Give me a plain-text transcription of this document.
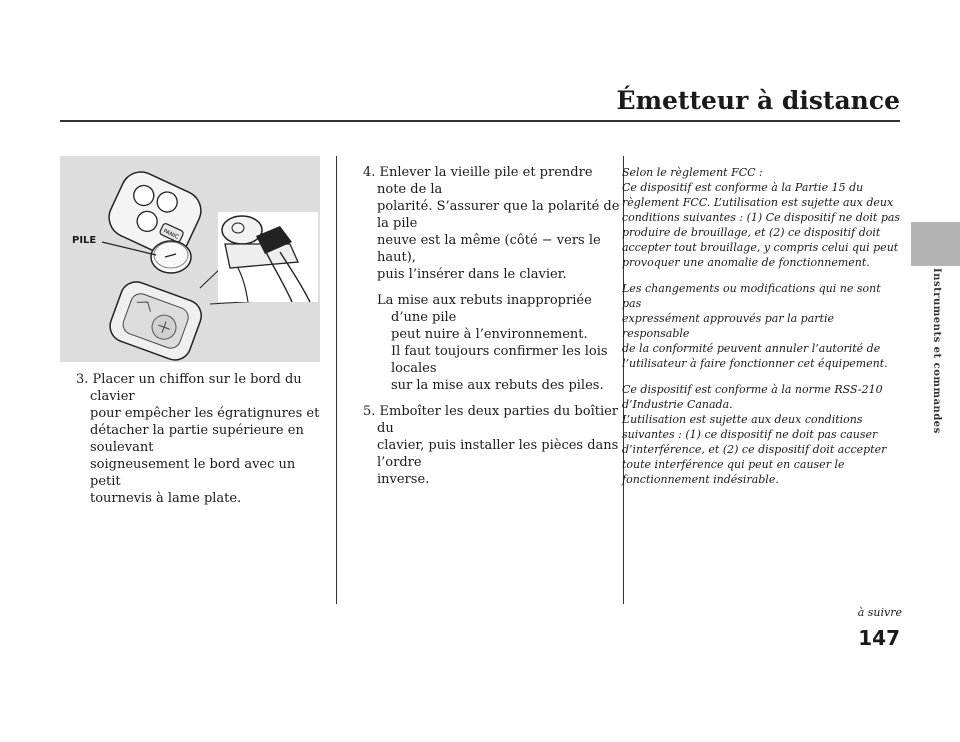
Émetteur à distance
Instruments et commandes
PANIC
PILE
3. Placer un chiffon sur le bord du clavier
pour empêcher les égratignures et
détacher la partie supérieure en soulevant
soigneusement le bord avec un petit
tournevis à lame plate.
4. Enlever la vieille pile et prendre note de la
polarité. S’assurer que la polarité de la pile
neuve est la même (côté − vers le haut),
puis l’insérer dans le clavier.

La mise aux rebuts inappropriée d’une pile
peut nuire à l’environnement.
Il faut toujours confirmer les lois locales
sur la mise aux rebuts des piles.

5. Emboîter les deux parties du boîtier du
clavier, puis installer les pièces dans l’ordre
inverse.

Selon le règlement FCC :
Ce dispositif est conforme à la Partie 15 du
règlement FCC. L’utilisation est sujette aux deux
conditions suivantes : (1) Ce dispositif ne doit pas
produire de brouillage, et (2) ce dispositif doit
accepter tout brouillage, y compris celui qui peut
provoquer une anomalie de fonctionnement.

Les changements ou modifications qui ne sont pas
expressément approuvés par la partie responsable
de la conformité peuvent annuler l’autorité de
l’utilisateur à faire fonctionner cet équipement.

Ce dispositif est conforme à la norme RSS-210
d’Industrie Canada.
L’utilisation est sujette aux deux conditions
suivantes : (1) ce dispositif ne doit pas causer
d’interférence, et (2) ce dispositif doit accepter
toute interférence qui peut en causer le
fonctionnement indésirable.

à suivre
147
